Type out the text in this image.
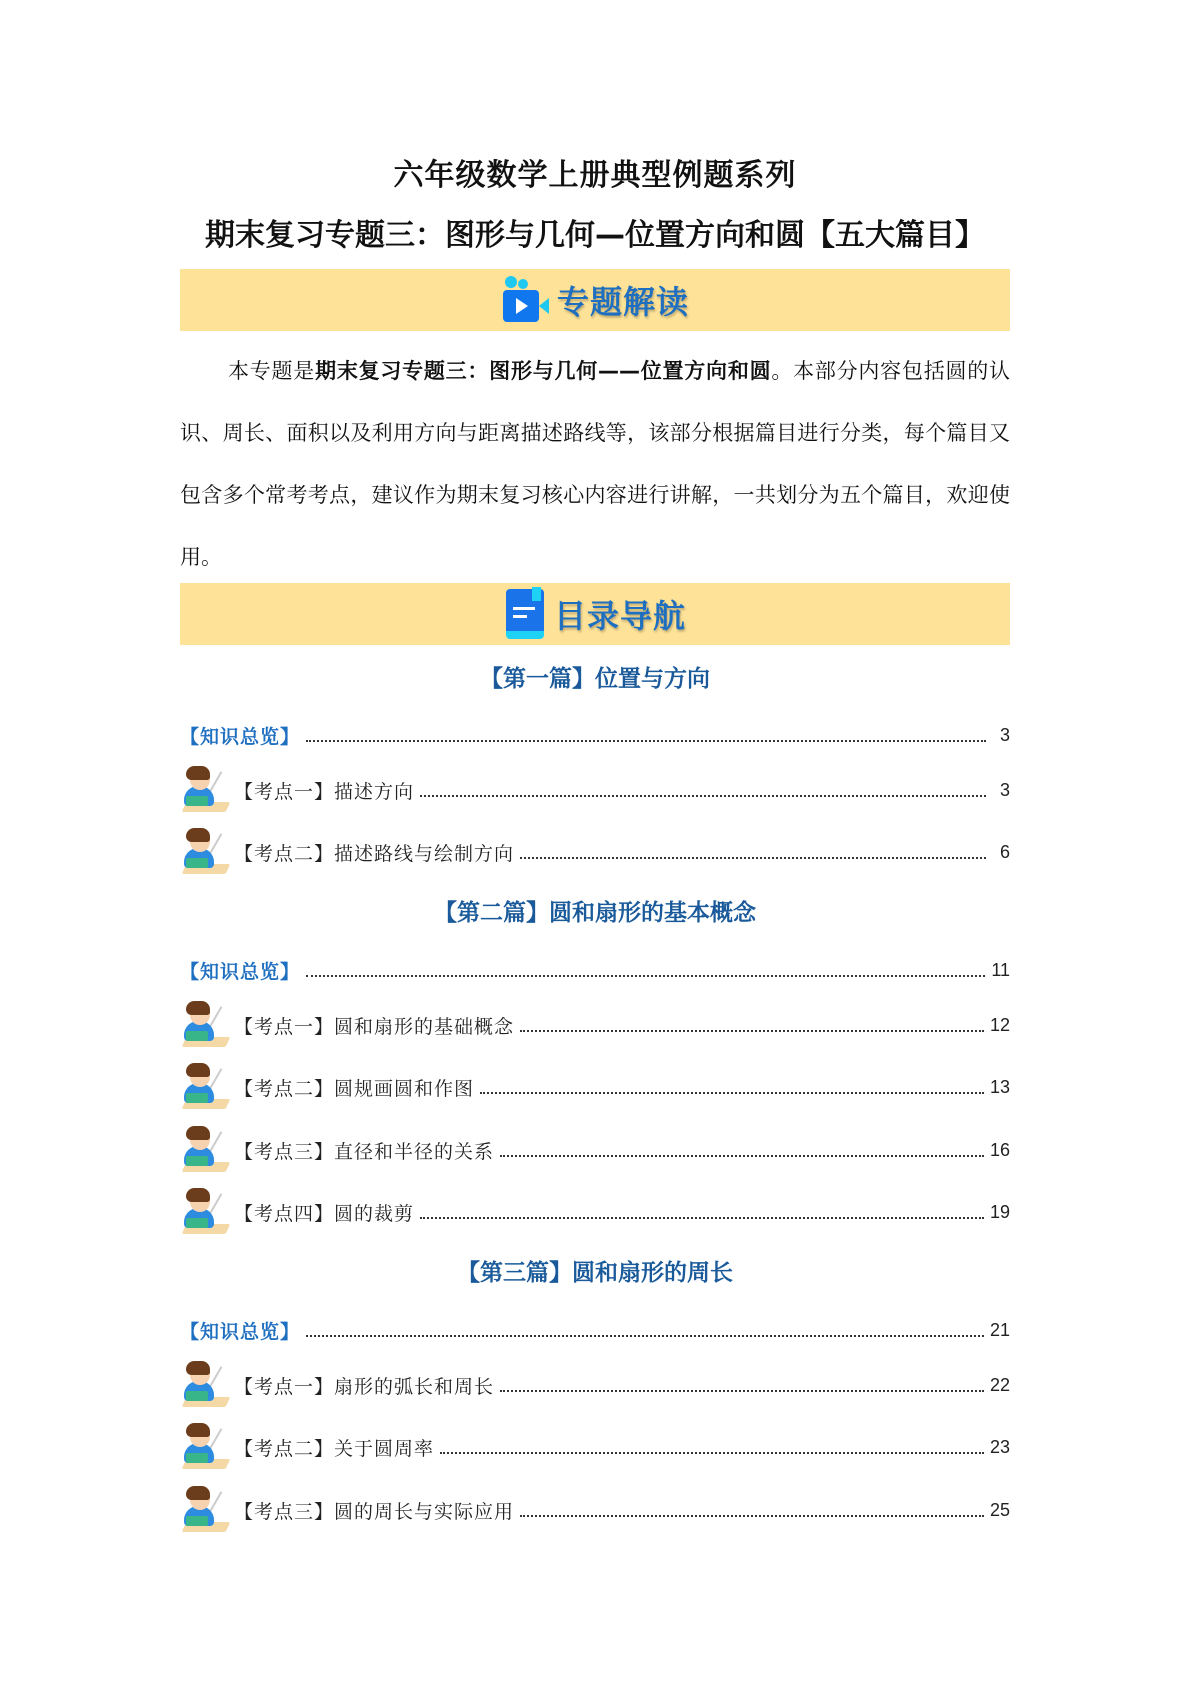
六年级数学上册典型例题系列
期末复习专题三：图形与几何—位置方向和圆【五大篇目】
专题解读
本专题是期末复习专题三：图形与几何——位置方向和圆。本部分内容包括圆的认识、周长、面积以及利用方向与距离描述路线等，该部分根据篇目进行分类，每个篇目又包含多个常考考点，建议作为期末复习核心内容进行讲解，一共划分为五个篇目，欢迎使用。
目录导航
【第一篇】位置与方向
【知识总览】	3
【考点一】 描述方向	3
【考点二】 描述路线与绘制方向	6
【第二篇】圆和扇形的基本概念
【知识总览】	11
【考点一】 圆和扇形的基础概念	12
【考点二】 圆规画圆和作图	13
【考点三】 直径和半径的关系	16
【考点四】 圆的裁剪	19
【第三篇】圆和扇形的周长
【知识总览】	21
【考点一】 扇形的弧长和周长	22
【考点二】 关于圆周率	23
【考点三】 圆的周长与实际应用	25
